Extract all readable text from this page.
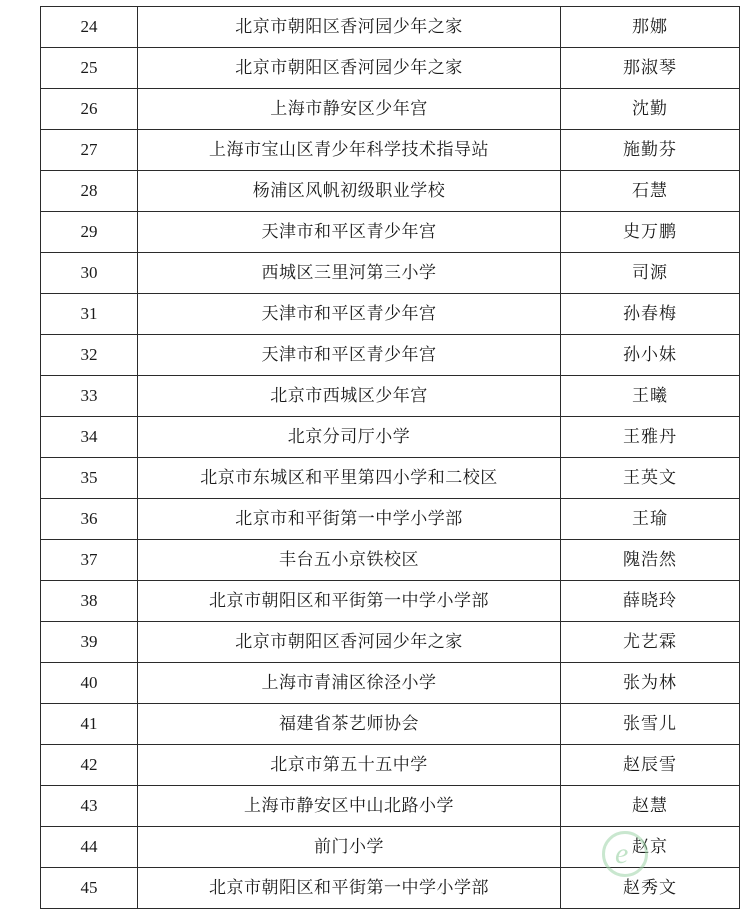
24	北京市朝阳区香河园少年之家	那娜
25	北京市朝阳区香河园少年之家	那淑琴
26	上海市静安区少年宫	沈勤
27	上海市宝山区青少年科学技术指导站	施勤芬
28	杨浦区风帆初级职业学校	石慧
29	天津市和平区青少年宫	史万鹏
30	西城区三里河第三小学	司源
31	天津市和平区青少年宫	孙春梅
32	天津市和平区青少年宫	孙小妹
33	北京市西城区少年宫	王曦
34	北京分司厅小学	王雅丹
35	北京市东城区和平里第四小学和二校区	王英文
36	北京市和平街第一中学小学部	王瑜
37	丰台五小京铁校区	隗浩然
38	北京市朝阳区和平街第一中学小学部	薛晓玲
39	北京市朝阳区香河园少年之家	尤艺霖
40	上海市青浦区徐泾小学	张为林
41	福建省茶艺师协会	张雪儿
42	北京市第五十五中学	赵辰雪
43	上海市静安区中山北路小学	赵慧
44	前门小学	赵京
45	北京市朝阳区和平街第一中学小学部	赵秀文
e
